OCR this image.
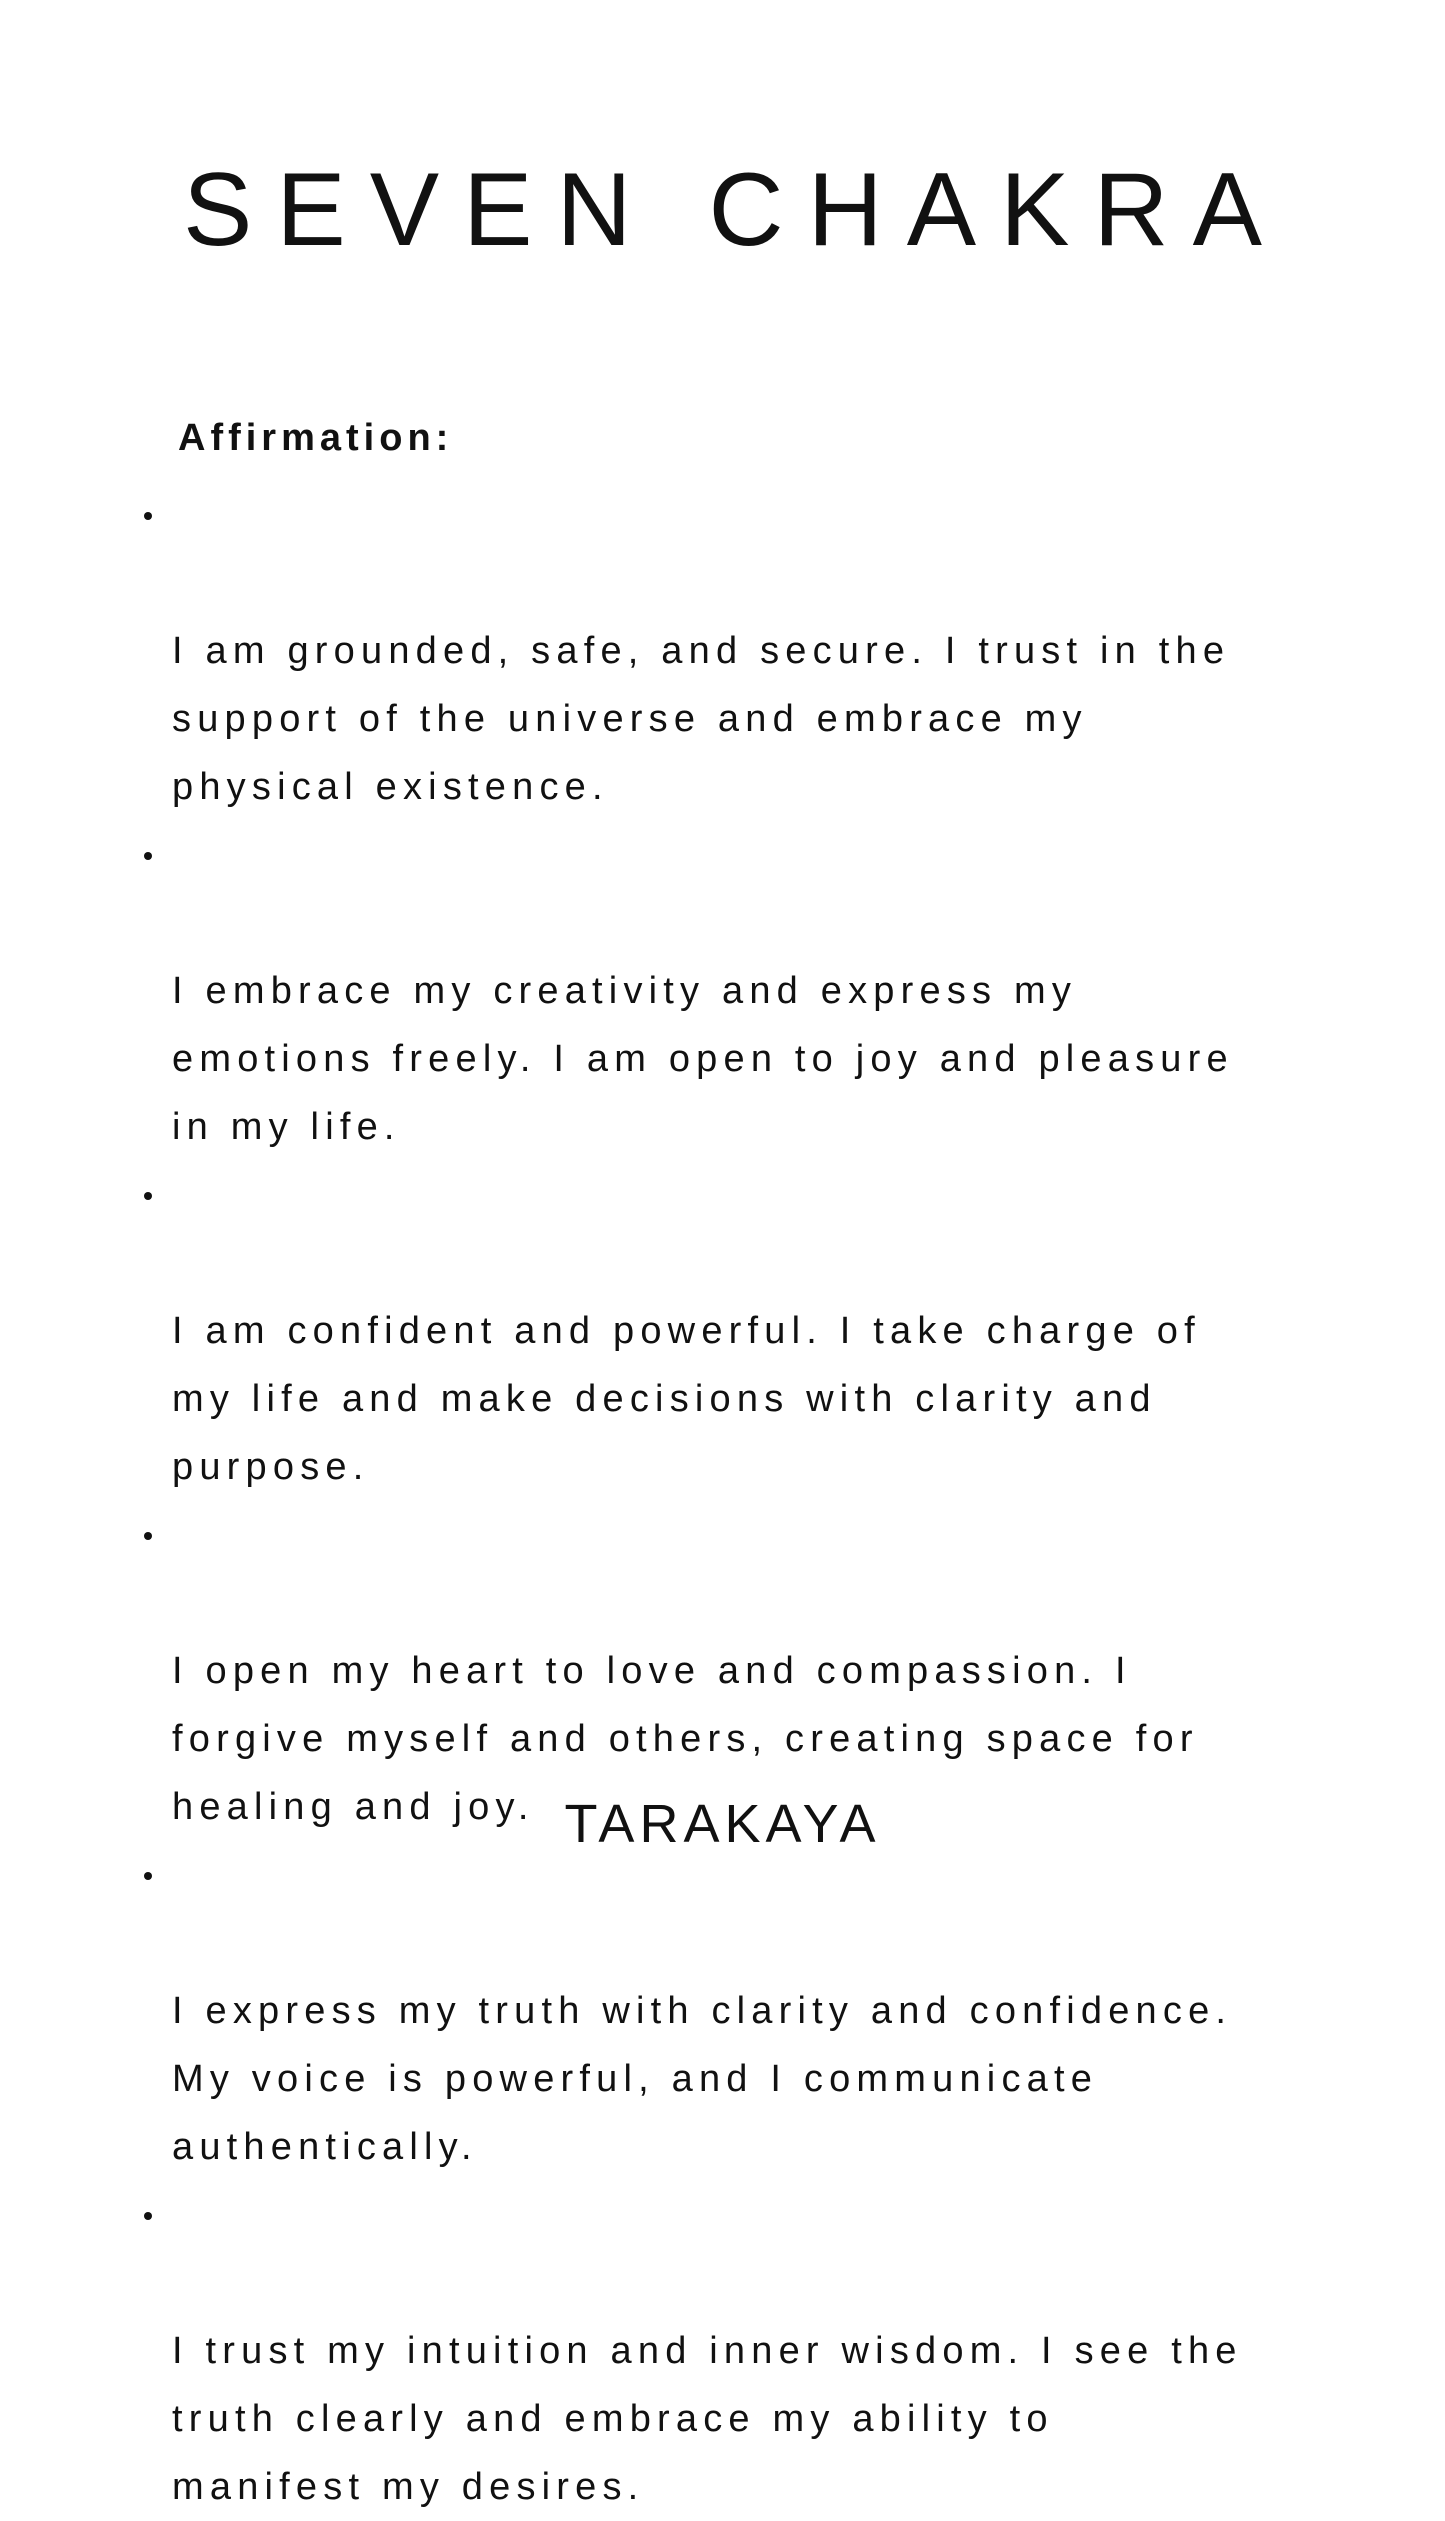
SEVEN CHAKRA
Affirmation:

I am grounded, safe, and secure. I trust in the
support of the universe and embrace my
physical existence.

I embrace my creativity and express my
emotions freely. I am open to joy and pleasure
in my life.

I am confident and powerful. I take charge of
my life and make decisions with clarity and
purpose.

I open my heart to love and compassion. I
forgive myself and others, creating space for
healing and joy.

I express my truth with clarity and confidence.
My voice is powerful, and I communicate
authentically.

I trust my intuition and inner wisdom. I see the
truth clearly and embrace my ability to
manifest my desires.

TARAKAYA
